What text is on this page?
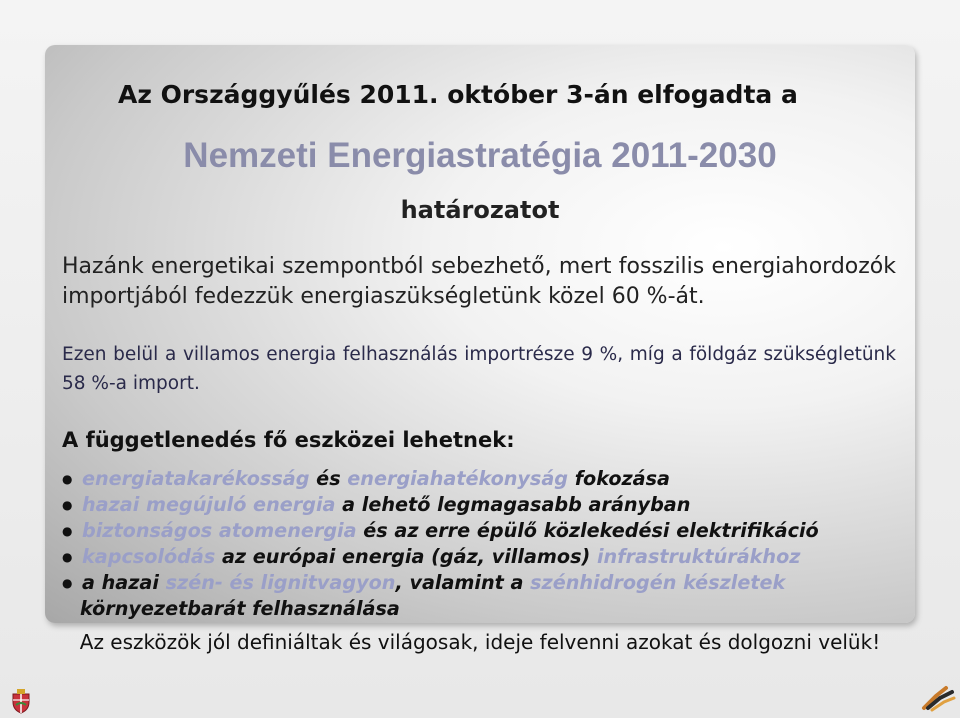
Az Országgyűlés 2011. október 3-án elfogadta a
Nemzeti Energiastratégia 2011-2030
határozatot
Hazánk energetikai szempontból sebezhető, mert fosszilis energiahordozók importjából fedezzük energiaszükségletünk közel 60 %-át.
Ezen belül a villamos energia felhasználás importrésze 9 %, míg a földgáz szükségletünk 58 %-a import.
A függetlenedés fő eszközei lehetnek:
● energiatakarékosság és energiahatékonyság fokozása
● hazai megújuló energia a lehető legmagasabb arányban
● biztonságos atomenergia és az erre épülő közlekedési elektrifikáció
● kapcsolódás az európai energia (gáz, villamos) infrastruktúrákhoz
● a hazai szén- és lignitvagyon, valamint a szénhidrogén készletek
környezetbarát felhasználása
Az eszközök jól definiáltak és világosak, ideje felvenni azokat és dolgozni velük!
